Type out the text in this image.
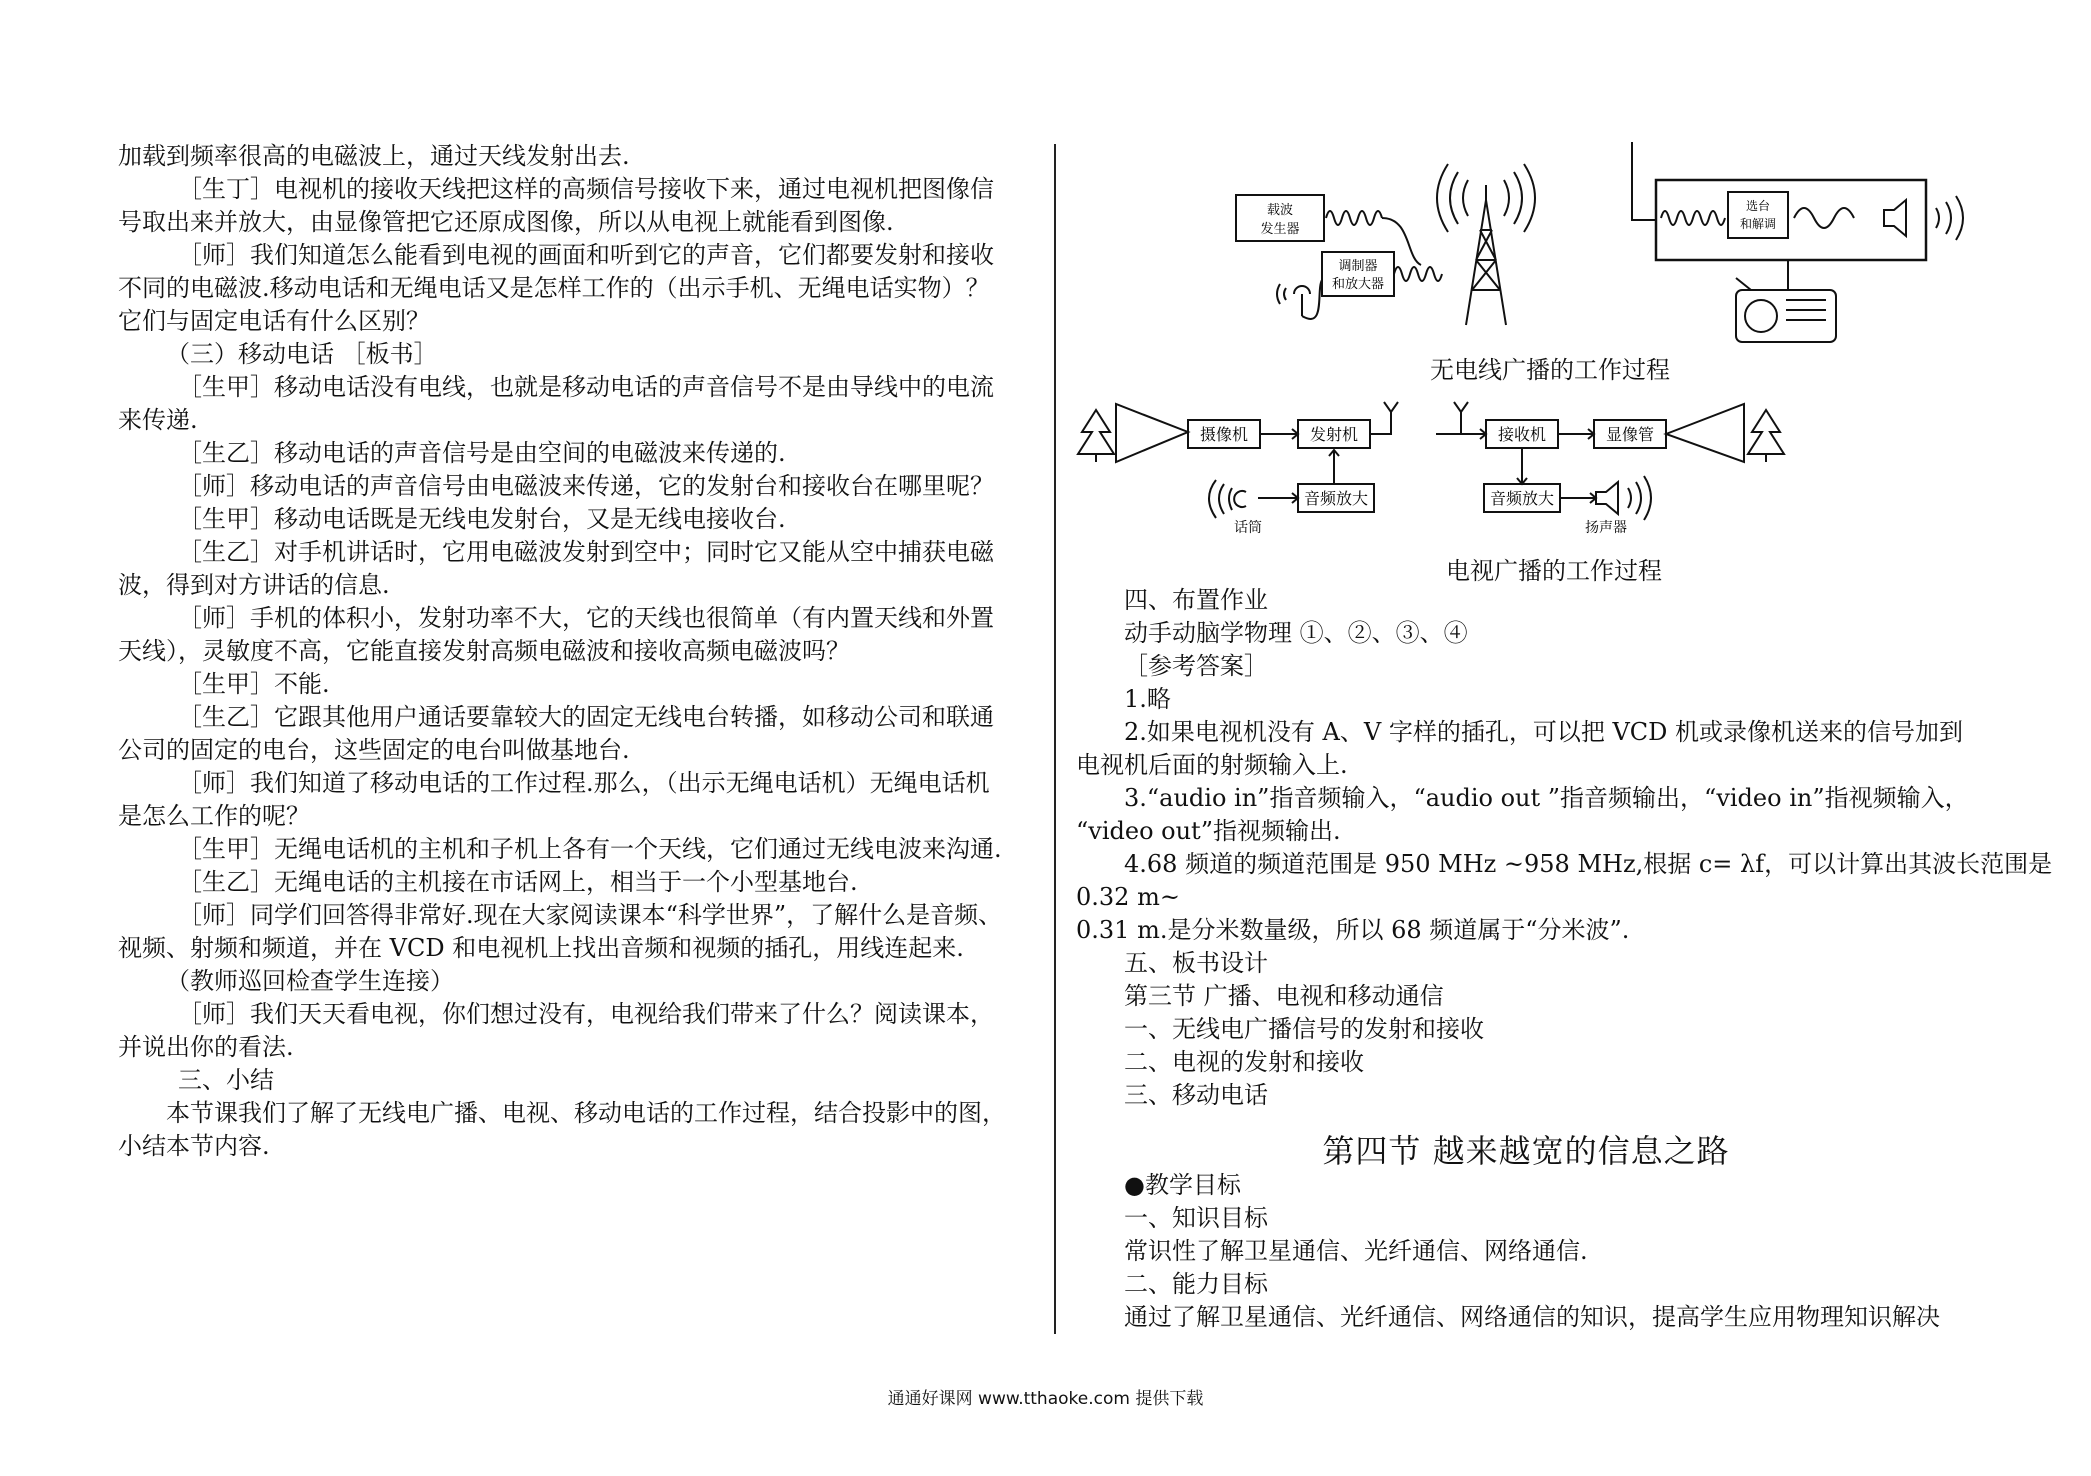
加载到频率很高的电磁波上，通过天线发射出去.

［生丁］电视机的接收天线把这样的高频信号接收下来，通过电视机把图像信

号取出来并放大，由显像管把它还原成图像，所以从电视上就能看到图像.

［师］我们知道怎么能看到电视的画面和听到它的声音，它们都要发射和接收

不同的电磁波.移动电话和无绳电话又是怎样工作的（出示手机、无绳电话实物）？

它们与固定电话有什么区别？

（三）移动电话 ［板书］

［生甲］移动电话没有电线，也就是移动电话的声音信号不是由导线中的电流

来传递.

［生乙］移动电话的声音信号是由空间的电磁波来传递的.

［师］移动电话的声音信号由电磁波来传递，它的发射台和接收台在哪里呢？

［生甲］移动电话既是无线电发射台，又是无线电接收台.

［生乙］对手机讲话时，它用电磁波发射到空中；同时它又能从空中捕获电磁

波，得到对方讲话的信息.

［师］手机的体积小，发射功率不大，它的天线也很简单（有内置天线和外置

天线），灵敏度不高，它能直接发射高频电磁波和接收高频电磁波吗？

［生甲］不能.

［生乙］它跟其他用户通话要靠较大的固定无线电台转播，如移动公司和联通

公司的固定的电台，这些固定的电台叫做基地台.

［师］我们知道了移动电话的工作过程.那么，（出示无绳电话机）无绳电话机

是怎么工作的呢？

［生甲］无绳电话机的主机和子机上各有一个天线，它们通过无线电波来沟通.

［生乙］无绳电话的主机接在市话网上，相当于一个小型基地台.

［师］同学们回答得非常好.现在大家阅读课本“科学世界”，了解什么是音频、

视频、射频和频道，并在 VCD 和电视机上找出音频和视频的插孔，用线连起来.

（教师巡回检查学生连接）

［师］我们天天看电视，你们想过没有，电视给我们带来了什么？阅读课本，

并说出你的看法.

三、小结

本节课我们了解了无线电广播、电视、移动电话的工作过程，结合投影中的图，

小结本节内容.

载波
发生器
调制器
和放大器
选台
和解调
无电线广播的工作过程
摄像机	发射机
音频放大
话筒
接收机	显像管
音频放大
扬声器
电视广播的工作过程

四、布置作业

动手动脑学物理 ①、②、③、④

［参考答案］

1.略

2.如果电视机没有 A、V 字样的插孔，可以把 VCD 机或录像机送来的信号加到

电视机后面的射频输入上.

3.“audio in”指音频输入，“audio out ”指音频输出，“video in”指视频输入，

“video out”指视频输出.

4.68 频道的频道范围是 950 MHz ~958 MHz,根据 c= λf，可以计算出其波长范围是

0.32 m~

0.31 m.是分米数量级，所以 68 频道属于“分米波”.

五、板书设计

第三节 广播、电视和移动通信

一、无线电广播信号的发射和接收

二、电视的发射和接收

三、移动电话

第四节 越来越宽的信息之路

●教学目标

一、知识目标

常识性了解卫星通信、光纤通信、网络通信.

二、能力目标

通过了解卫星通信、光纤通信、网络通信的知识，提高学生应用物理知识解决

通通好课网 www.tthaoke.com 提供下载
